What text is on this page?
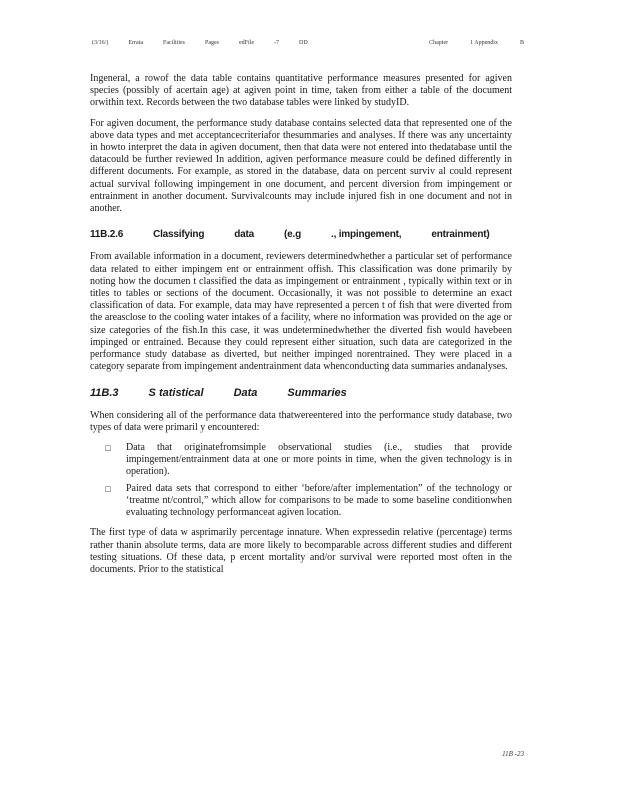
(3/16/)	Errata	Facilities	Pages	edFile	-7	DD	Chapter	1 Appendix	B

Ingeneral, a rowof the data table contains quantitative performance measures presented for agiven species (possibly of acertain age) at agiven point in time, taken from either a table of the document orwithin text. Records between the two database tables were linked by studyID.

For agiven document, the performance study database contains selected data that represented one of the above data types and met acceptancecriteriafor thesummaries and analyses. If there was any uncertainty in howto interpret the data in agiven document, then that data were not entered into thedatabase until the datacould be further reviewed In addition, agiven performance measure could be defined differently in different documents. For example, as stored in the database, data on percent surviv al could represent actual survival following impingement in one document, and percent diversion from impingement or entrainment in another document. Survivalcounts may include injured fish in one document and not in another.

11B.2.6	Classifying	data	(e.g	., impingement,	entrainment)

From available information in a document, reviewers determinedwhether a particular set of performance data related to either impingem ent or entrainment offish. This classification was done primarily by noting how the documen t classified the data as impingement or entrainment , typically within text or in titles to tables or sections of the document. Occasionally, it was not possible to determine an exact classification of data. For example, data may have represented a percen t of fish that were diverted from the areasclose to the cooling water intakes of a facility, where no information was provided on the age or size categories of the fish.In this case, it was undeterminedwhether the diverted fish would havebeen impinged or entrained. Because they could represent either situation, such data are categorized in the performance study database as diverted, but neither impinged norentrained. They were placed in a category separate from impingement andentrainment data whenconducting data summaries andanalyses.

11B.3	S tatistical	Data	Summaries

When considering all of the performance data thatwereentered into the performance study database, two types of data were primaril y encountered:

□	Data that originatefromsimple observational studies (i.e., studies that provide impingement/entrainment data at one or more points in time, when the given technology is in operation).
□	Paired data sets that correspond to either ‘before/after implementation” of the technology or ‘treatme nt/control,” which allow for comparisons to be made to some baseline conditionwhen evaluating technology performanceat agiven location.

The first type of data w asprimarily percentage innature. When expressedin relative (percentage) terms rather thanin absolute terms, data are more likely to becomparable across different studies and different testing situations. Of these data, p ercent mortality and/or survival were reported most often in the documents. Prior to the statistical

11B -23
